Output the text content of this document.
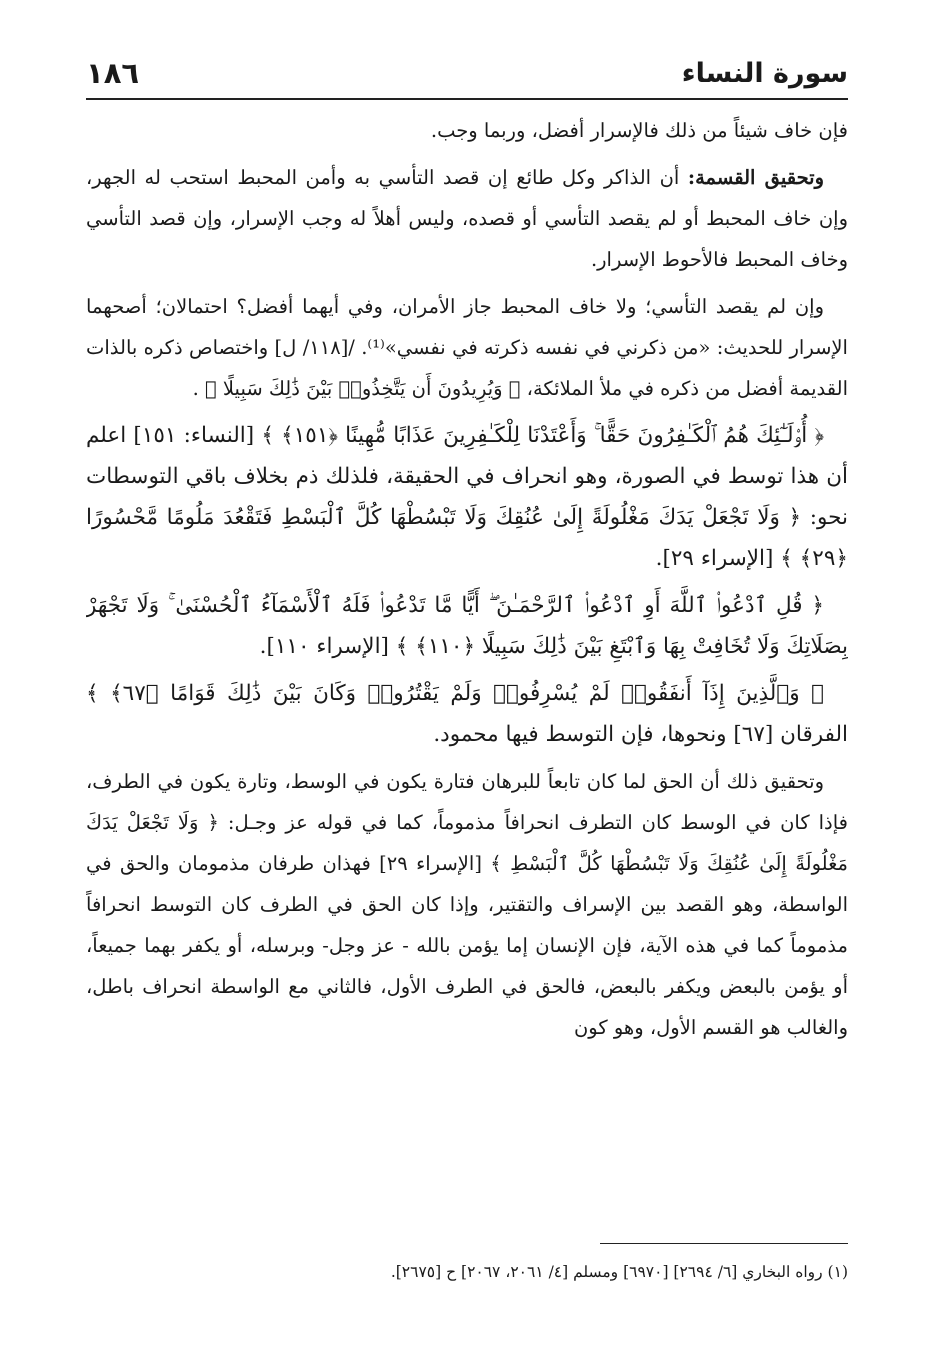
سورة النساء
١٨٦

فإن خاف شيئاً من ذلك فالإسرار أفضل، وربما وجب.

وتحقيق القسمة: أن الذاكر وكل طائع إن قصد التأسي به وأمن المحبط استحب له الجهر، وإن خاف المحبط أو لم يقصد التأسي أو قصده، وليس أهلاً له وجب الإسرار، وإن قصد التأسي وخاف المحبط فالأحوط الإسرار.

وإن لم يقصد التأسي؛ ولا خاف المحبط جاز الأمران، وفي أيهما أفضل؟ احتمالان؛ أصحهما الإسرار للحديث: «من ذكرني في نفسه ذكرته في نفسي»⁽¹⁾. /[١١٨/ ل] واختصاص ذكره بالذات القديمة أفضل من ذكره في ملأ الملائكة، ﴿ وَيُرِيدُونَ أَن يَتَّخِذُوا۟ بَيْنَ ذَٰلِكَ سَبِيلًا ﴾ .

﴿ أُو۟لَـٰٓئِكَ هُمُ ٱلْكَـٰفِرُونَ حَقًّا ۚ وَأَعْتَدْنَا لِلْكَـٰفِرِينَ عَذَابًا مُّهِينًا ﴿١٥١﴾ ﴾ [النساء: ١٥١] اعلم أن هذا توسط في الصورة، وهو انحراف في الحقيقة، فلذلك ذم بخلاف باقي التوسطات نحو: ﴿ وَلَا تَجْعَلْ يَدَكَ مَغْلُولَةً إِلَىٰ عُنُقِكَ وَلَا تَبْسُطْهَا كُلَّ ٱلْبَسْطِ فَتَقْعُدَ مَلُومًا مَّحْسُورًا ﴿٢٩﴾ ﴾ [الإسراء ٢٩].

﴿ قُلِ ٱدْعُوا۟ ٱللَّهَ أَوِ ٱدْعُوا۟ ٱلرَّحْمَـٰنَ ۖ أَيًّا مَّا تَدْعُوا۟ فَلَهُ ٱلْأَسْمَآءُ ٱلْحُسْنَىٰ ۚ وَلَا تَجْهَرْ بِصَلَاتِكَ وَلَا تُخَافِتْ بِهَا وَٱبْتَغِ بَيْنَ ذَٰلِكَ سَبِيلًا ﴿١١٠﴾ ﴾ [الإسراء ١١٠].

﴿ وَٱلَّذِينَ إِذَآ أَنفَقُوا۟ لَمْ يُسْرِفُوا۟ وَلَمْ يَقْتُرُوا۟ وَكَانَ بَيْنَ ذَٰلِكَ قَوَامًا ﴿٦٧﴾ ﴾ الفرقان [٦٧] ونحوها، فإن التوسط فيها محمود.

وتحقيق ذلك أن الحق لما كان تابعاً للبرهان فتارة يكون في الوسط، وتارة يكون في الطرف، فإذا كان في الوسط كان التطرف انحرافاً مذموماً، كما في قوله عز وجـل: ﴿ وَلَا تَجْعَلْ يَدَكَ مَغْلُولَةً إِلَىٰ عُنُقِكَ وَلَا تَبْسُطْهَا كُلَّ ٱلْبَسْطِ ﴾ [الإسراء ٢٩] فهذان طرفان مذمومان والحق في الواسطة، وهو القصد بين الإسراف والتقتير، وإذا كان الحق في الطرف كان التوسط انحرافاً مذموماً كما في هذه الآية، فإن الإنسان إما يؤمن بالله - عز وجل- وبرسله، أو يكفر بهما جميعاً، أو يؤمن بالبعض ويكفر بالبعض، فالحق في الطرف الأول، فالثاني مع الواسطة انحراف باطل، والغالب هو القسم الأول، وهو كون

(١) رواه البخاري [٦/ ٢٦٩٤] [٦٩٧٠] ومسلم [٤/ ٢٠٦١، ٢٠٦٧] ح [٢٦٧٥].
